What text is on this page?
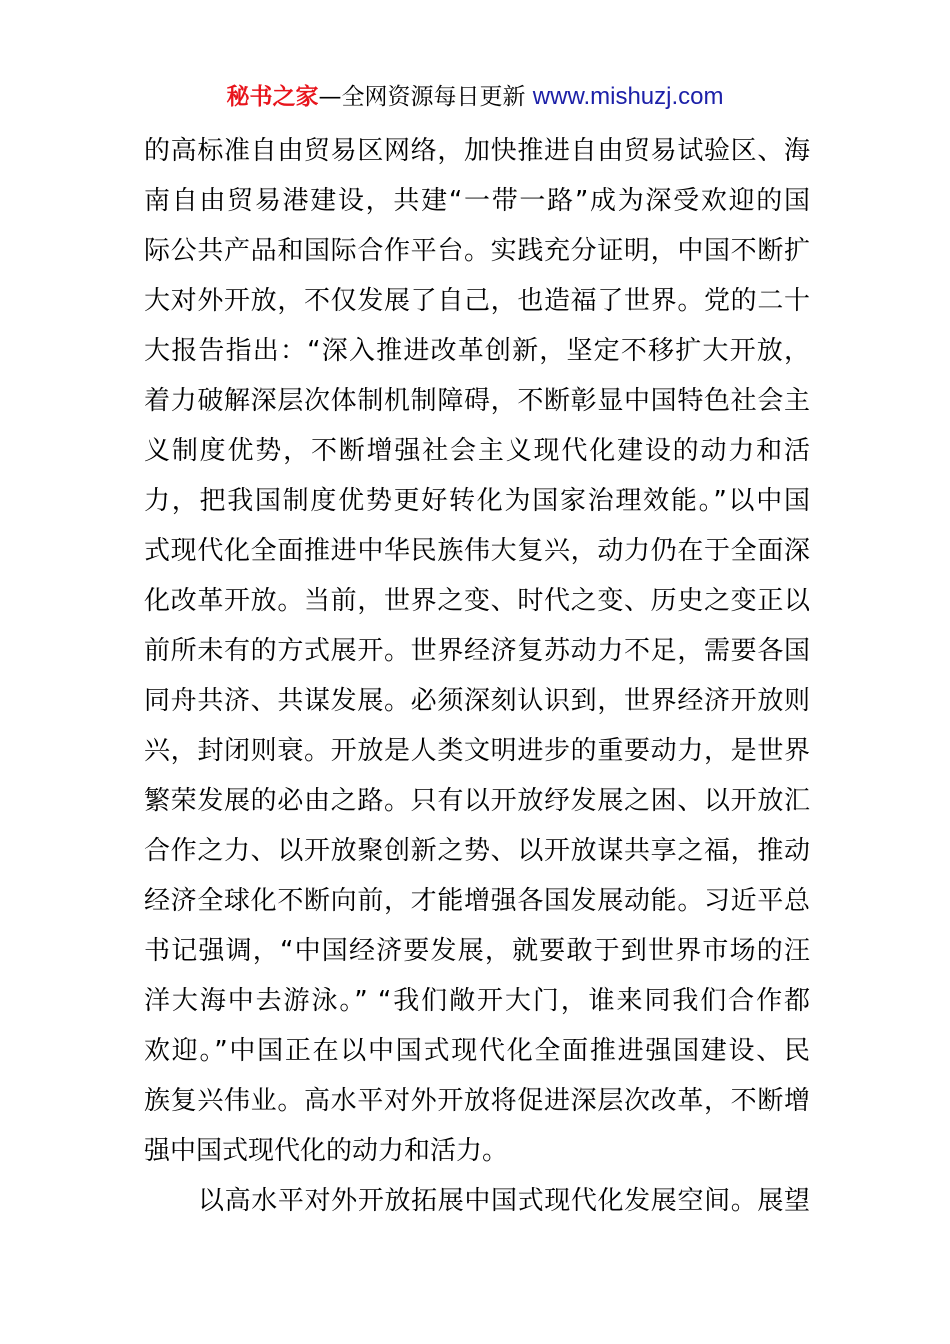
秘书之家—全网资源每日更新 www.mishuzj.com
的高标准自由贸易区网络，加快推进自由贸易试验区、海
南自由贸易港建设，共建“一带一路”成为深受欢迎的国
际公共产品和国际合作平台。实践充分证明，中国不断扩
大对外开放，不仅发展了自己，也造福了世界。党的二十
大报告指出：“深入推进改革创新，坚定不移扩大开放，
着力破解深层次体制机制障碍，不断彰显中国特色社会主
义制度优势，不断增强社会主义现代化建设的动力和活
力，把我国制度优势更好转化为国家治理效能。”以中国
式现代化全面推进中华民族伟大复兴，动力仍在于全面深
化改革开放。当前，世界之变、时代之变、历史之变正以
前所未有的方式展开。世界经济复苏动力不足，需要各国
同舟共济、共谋发展。必须深刻认识到，世界经济开放则
兴，封闭则衰。开放是人类文明进步的重要动力，是世界
繁荣发展的必由之路。只有以开放纾发展之困、以开放汇
合作之力、以开放聚创新之势、以开放谋共享之福，推动
经济全球化不断向前，才能增强各国发展动能。习近平总
书记强调，“中国经济要发展，就要敢于到世界市场的汪
洋大海中去游泳。” “我们敞开大门，谁来同我们合作都
欢迎。”中国正在以中国式现代化全面推进强国建设、民
族复兴伟业。高水平对外开放将促进深层次改革，不断增
强中国式现代化的动力和活力。
以高水平对外开放拓展中国式现代化发展空间。展望
